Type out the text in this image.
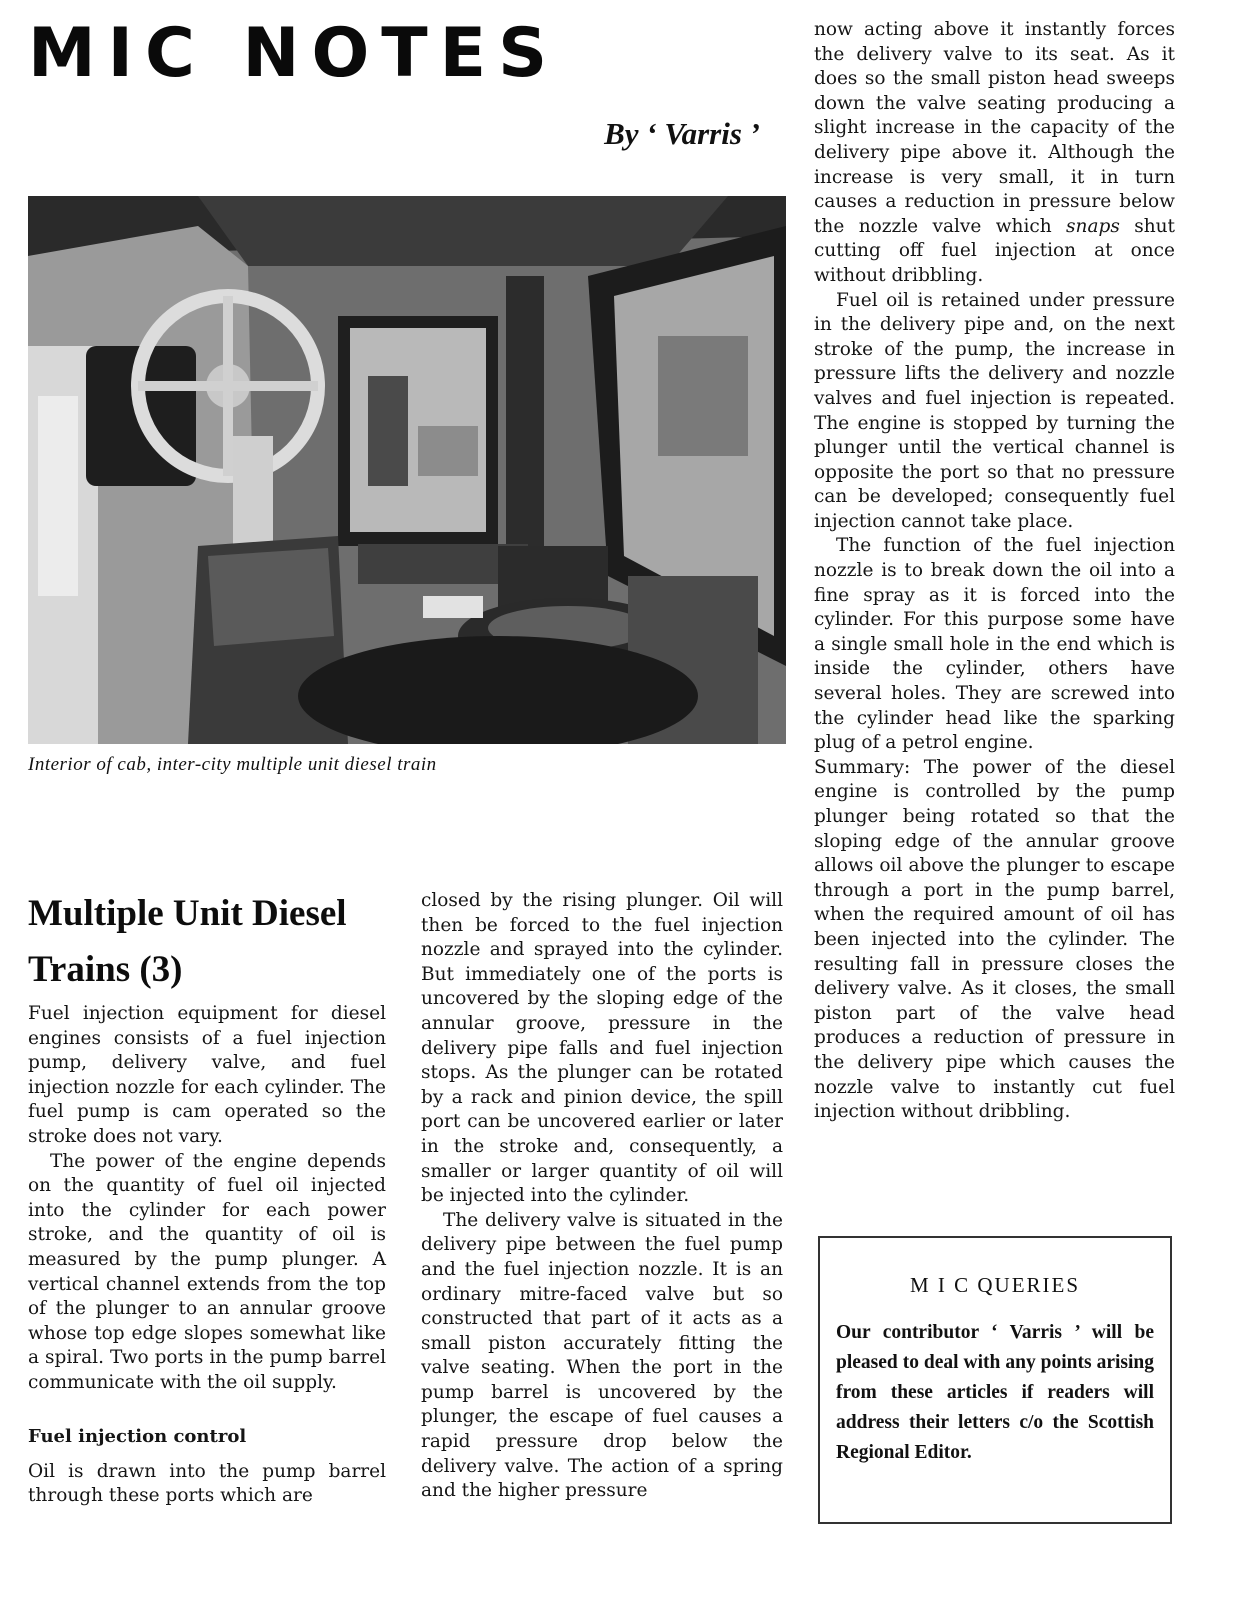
MIC NOTES
By ‘ Varris ’
Interior of cab, inter-city multiple unit diesel train
Multiple Unit Diesel Trains (3)

Fuel injection equipment for diesel engines consists of a fuel injection pump, delivery valve, and fuel injection nozzle for each cylinder. The fuel pump is cam operated so the stroke does not vary.

The power of the engine depends on the quantity of fuel oil injected into the cylinder for each power stroke, and the quantity of oil is measured by the pump plunger. A vertical channel extends from the top of the plunger to an annular groove whose top edge slopes somewhat like a spiral. Two ports in the pump barrel communicate with the oil supply.

Fuel injection control

Oil is drawn into the pump barrel through these ports which are

closed by the rising plunger. Oil will then be forced to the fuel injection nozzle and sprayed into the cylinder. But immediately one of the ports is uncovered by the sloping edge of the annular groove, pressure in the delivery pipe falls and fuel injection stops. As the plunger can be rotated by a rack and pinion device, the spill port can be uncovered earlier or later in the stroke and, consequently, a smaller or larger quantity of oil will be injected into the cylinder.

The delivery valve is situated in the delivery pipe between the fuel pump and the fuel injection nozzle. It is an ordinary mitre-faced valve but so constructed that part of it acts as a small piston accurately fitting the valve seating. When the port in the pump barrel is uncovered by the plunger, the escape of fuel causes a rapid pressure drop below the delivery valve. The action of a spring and the higher pressure

now acting above it instantly forces the delivery valve to its seat. As it does so the small piston head sweeps down the valve seating producing a slight increase in the capacity of the delivery pipe above it. Although the increase is very small, it in turn causes a reduction in pressure below the nozzle valve which snaps shut cutting off fuel injection at once without dribbling.

Fuel oil is retained under pressure in the delivery pipe and, on the next stroke of the pump, the increase in pressure lifts the delivery and nozzle valves and fuel injection is repeated. The engine is stopped by turning the plunger until the vertical channel is opposite the port so that no pressure can be developed; consequently fuel injection cannot take place.

The function of the fuel injection nozzle is to break down the oil into a fine spray as it is forced into the cylinder. For this purpose some have a single small hole in the end which is inside the cylinder, others have several holes. They are screwed into the cylinder head like the sparking plug of a petrol engine.

Summary: The power of the diesel engine is controlled by the pump plunger being rotated so that the sloping edge of the annular groove allows oil above the plunger to escape through a port in the pump barrel, when the required amount of oil has been injected into the cylinder. The resulting fall in pressure closes the delivery valve. As it closes, the small piston part of the valve head produces a reduction of pressure in the delivery pipe which causes the nozzle valve to instantly cut fuel injection without dribbling.

M I C QUERIES
Our contributor ‘ Varris ’ will be pleased to deal with any points arising from these articles if readers will address their letters c/o the Scottish Regional Editor.
